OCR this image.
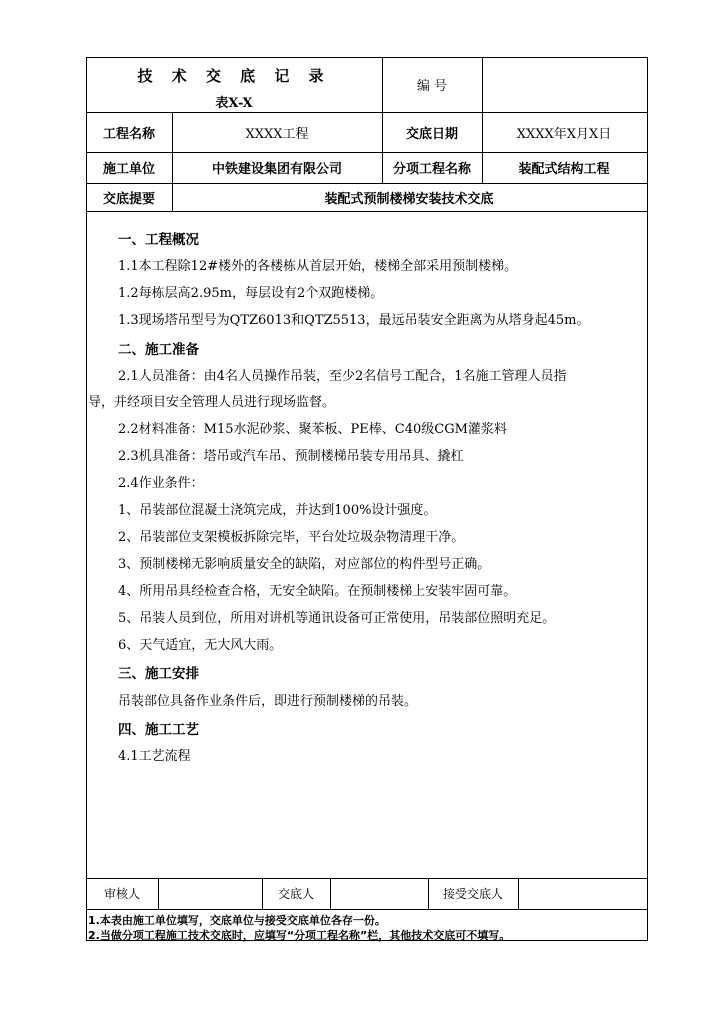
技 术 交 底 记 录
表X-X
编 号
工程名称	XXXX工程	交底日期	XXXX年X月X日
施工单位	中铁建设集团有限公司	分项工程名称	装配式结构工程
交底提要	装配式预制楼梯安装技术交底
一、工程概况
1.1本工程除12#楼外的各楼栋从首层开始，楼梯全部采用预制楼梯。
1.2每栋层高2.95m，每层设有2个双跑楼梯。
1.3现场塔吊型号为QTZ6013和QTZ5513，最远吊装安全距离为从塔身起45m。
二、施工准备
2.1人员准备：由4名人员操作吊装，至少2名信号工配合，1名施工管理人员指
导，并经项目安全管理人员进行现场监督。
2.2材料准备：M15水泥砂浆、聚苯板、PE棒、C40级CGM灌浆料
2.3机具准备：塔吊或汽车吊、预制楼梯吊装专用吊具、撬杠
2.4作业条件：
1、吊装部位混凝土浇筑完成，并达到100%设计强度。
2、吊装部位支架模板拆除完毕，平台处垃圾杂物清理干净。
3、预制楼梯无影响质量安全的缺陷，对应部位的构件型号正确。
4、所用吊具经检查合格，无安全缺陷。在预制楼梯上安装牢固可靠。
5、吊装人员到位，所用对讲机等通讯设备可正常使用，吊装部位照明充足。
6、天气适宜，无大风大雨。
三、施工安排
吊装部位具备作业条件后，即进行预制楼梯的吊装。
四、施工工艺
4.1工艺流程
审核人	交底人	接受交底人
1.本表由施工单位填写，交底单位与接受交底单位各存一份。
2.当做分项工程施工技术交底时，应填写“分项工程名称”栏，其他技术交底可不填写。
